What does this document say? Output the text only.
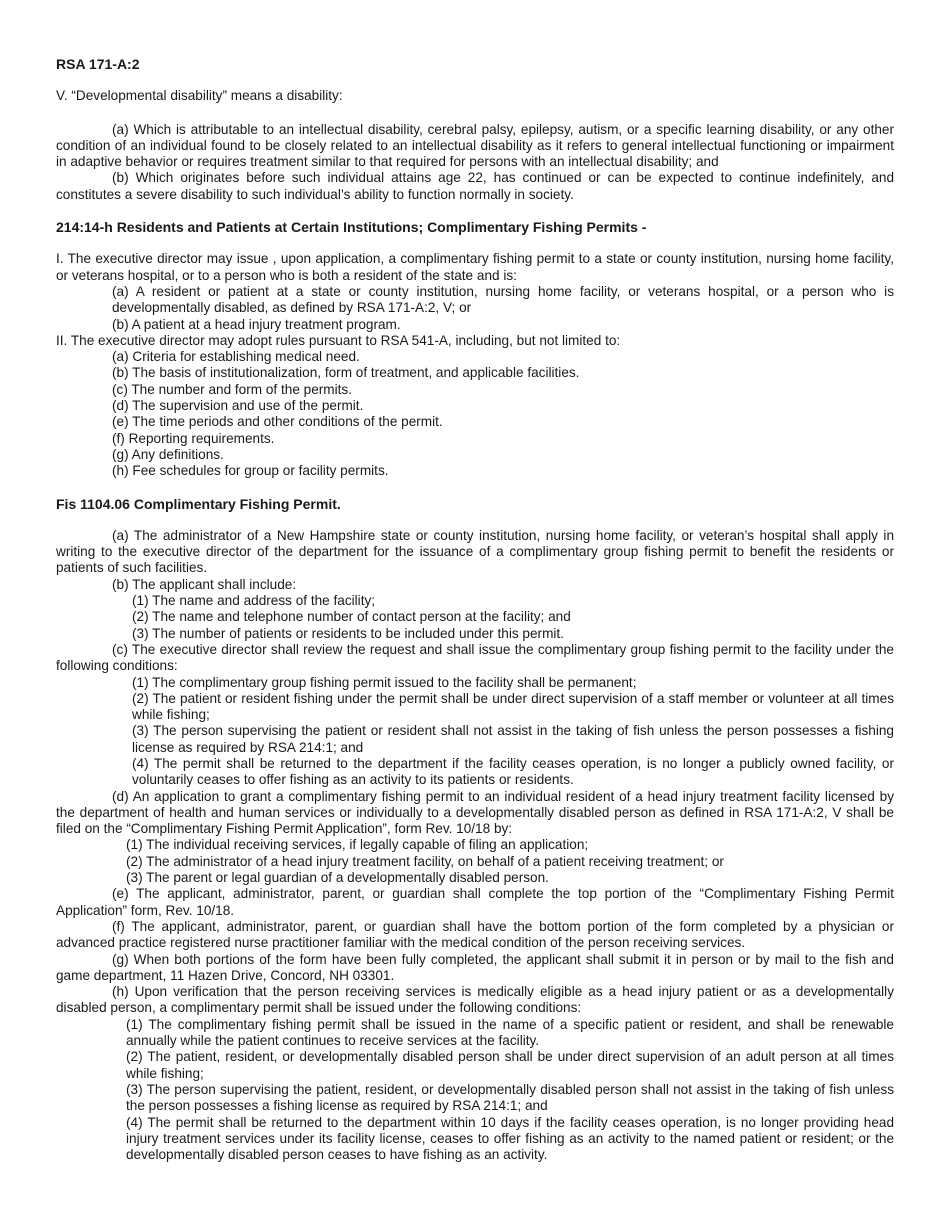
RSA 171-A:2

V. “Developmental disability” means a disability:

(a) Which is attributable to an intellectual disability, cerebral palsy, epilepsy, autism, or a specific learning disability, or any other condition of an individual found to be closely related to an intellectual disability as it refers to general intellectual functioning or impairment in adaptive behavior or requires treatment similar to that required for persons with an intellectual disability; and

(b) Which originates before such individual attains age 22, has continued or can be expected to continue indefinitely, and constitutes a severe disability to such individual’s ability to function normally in society.

214:14-h Residents and Patients at Certain Institutions; Complimentary Fishing Permits -

I. The executive director may issue , upon application, a complimentary fishing permit to a state or county institution, nursing home facility, or veterans hospital, or to a person who is both a resident of the state and is:

(a) A resident or patient at a state or county institution, nursing home facility, or veterans hospital, or a person who is developmentally disabled, as defined by RSA 171-A:2, V; or

(b) A patient at a head injury treatment program.

II. The executive director may adopt rules pursuant to RSA 541-A, including, but not limited to:

(a) Criteria for establishing medical need.

(b) The basis of institutionalization, form of treatment, and applicable facilities.

(c) The number and form of the permits.

(d) The supervision and use of the permit.

(e) The time periods and other conditions of the permit.

(f) Reporting requirements.

(g) Any definitions.

(h) Fee schedules for group or facility permits.

Fis 1104.06 Complimentary Fishing Permit.

(a) The administrator of a New Hampshire state or county institution, nursing home facility, or veteran’s hospital shall apply in writing to the executive director of the department for the issuance of a complimentary group fishing permit to benefit the residents or patients of such facilities.

(b) The applicant shall include:

(1) The name and address of the facility;

(2) The name and telephone number of contact person at the facility; and

(3) The number of patients or residents to be included under this permit.

(c) The executive director shall review the request and shall issue the complimentary group fishing permit to the facility under the following conditions:

(1) The complimentary group fishing permit issued to the facility shall be permanent;

(2) The patient or resident fishing under the permit shall be under direct supervision of a staff member or volunteer at all times while fishing;

(3) The person supervising the patient or resident shall not assist in the taking of fish unless the person possesses a fishing license as required by RSA 214:1; and

(4) The permit shall be returned to the department if the facility ceases operation, is no longer a publicly owned facility, or voluntarily ceases to offer fishing as an activity to its patients or residents.

(d) An application to grant a complimentary fishing permit to an individual resident of a head injury treatment facility licensed by the department of health and human services or individually to a developmentally disabled person as defined in RSA 171-A:2, V shall be filed on the “Complimentary Fishing Permit Application”, form Rev. 10/18 by:

(1) The individual receiving services, if legally capable of filing an application;

(2) The administrator of a head injury treatment facility, on behalf of a patient receiving treatment; or

(3) The parent or legal guardian of a developmentally disabled person.

(e) The applicant, administrator, parent, or guardian shall complete the top portion of the “Complimentary Fishing Permit Application” form, Rev. 10/18.

(f) The applicant, administrator, parent, or guardian shall have the bottom portion of the form completed by a physician or advanced practice registered nurse practitioner familiar with the medical condition of the person receiving services.

(g) When both portions of the form have been fully completed, the applicant shall submit it in person or by mail to the fish and game department, 11 Hazen Drive, Concord, NH 03301.

(h) Upon verification that the person receiving services is medically eligible as a head injury patient or as a developmentally disabled person, a complimentary permit shall be issued under the following conditions:

(1) The complimentary fishing permit shall be issued in the name of a specific patient or resident, and shall be renewable annually while the patient continues to receive services at the facility.

(2) The patient, resident, or developmentally disabled person shall be under direct supervision of an adult person at all times while fishing;

(3) The person supervising the patient, resident, or developmentally disabled person shall not assist in the taking of fish unless the person possesses a fishing license as required by RSA 214:1; and

(4) The permit shall be returned to the department within 10 days if the facility ceases operation, is no longer providing head injury treatment services under its facility license, ceases to offer fishing as an activity to the named patient or resident; or the developmentally disabled person ceases to have fishing as an activity.
